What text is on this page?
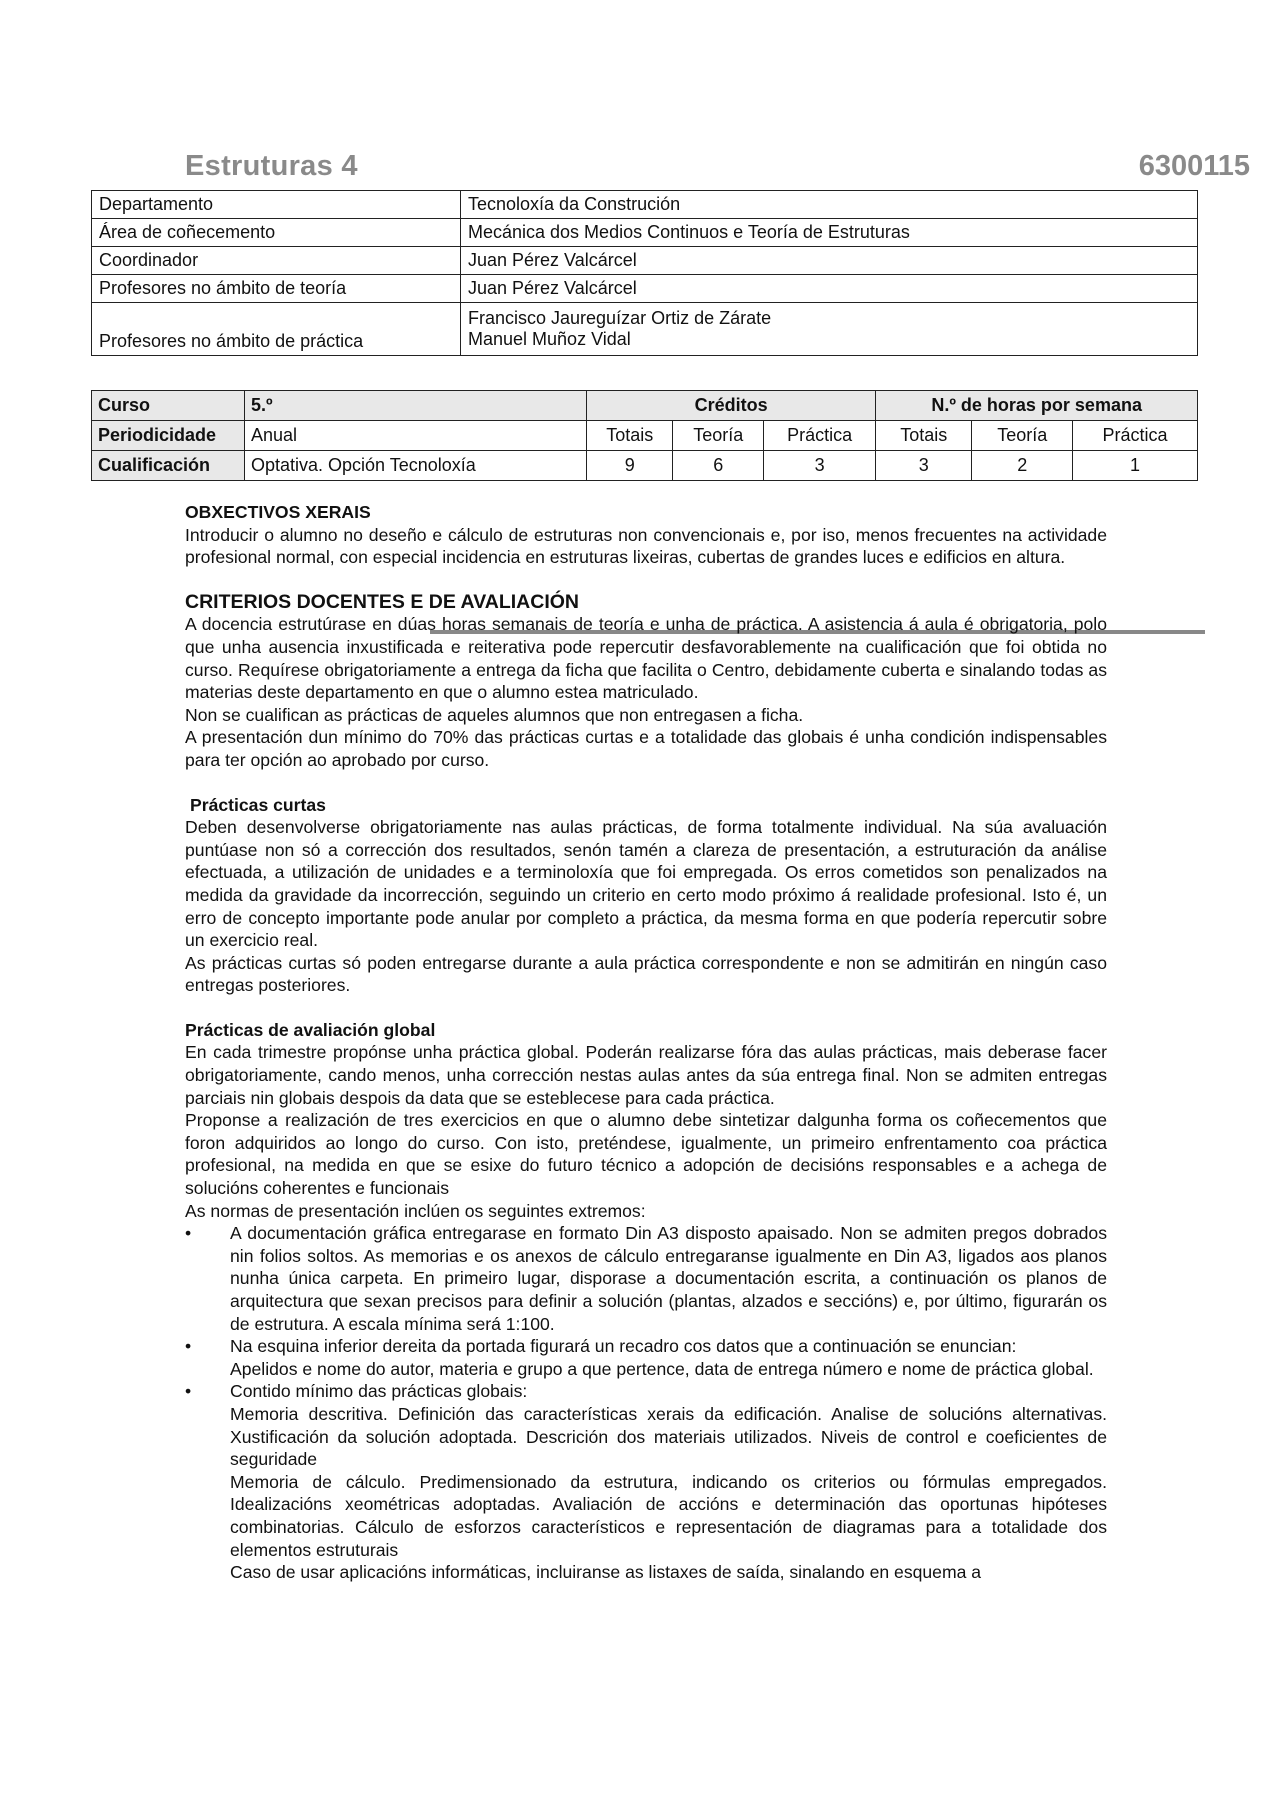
Estruturas 4	6300115
Departamento	Tecnoloxía da Construción
Área de coñecemento	Mecánica dos Medios Continuos e Teoría de Estruturas
Coordinador	Juan Pérez Valcárcel
Profesores no ámbito de teoría	Juan Pérez Valcárcel
Profesores no ámbito de práctica	Francisco Jaureguízar Ortiz de Zárate
Manuel Muñoz Vidal
Curso	5.º	Créditos			N.º de horas por semana		
Periodicidade	Anual	Totais	Teoría	Práctica	Totais	Teoría	Práctica
Cualificación	Optativa. Opción Tecnoloxía	9	6	3	3	2	1
OBXECTIVOS XERAIS

Introducir o alumno no deseño e cálculo de estruturas non convencionais e, por iso, menos frecuentes na actividade profesional normal, con especial incidencia en estruturas lixeiras, cubertas de grandes luces e edificios en altura.

CRITERIOS DOCENTES E DE AVALIACIÓN

A docencia estrutúrase en dúas horas semanais de teoría e unha de práctica. A asistencia á aula é obrigatoria, polo que unha ausencia inxustificada e reiterativa pode repercutir desfavorablemente na cualificación que foi obtida no curso. Requírese obrigatoriamente a entrega da ficha que facilita o Centro, debidamente cuberta e sinalando todas as materias deste departamento en que o alumno estea matriculado.

Non se cualifican as prácticas de aqueles alumnos que non entregasen a ficha.

A presentación dun mínimo do 70% das prácticas curtas e a totalidade das globais é unha condición indispensables para ter opción ao aprobado por curso.

Prácticas curtas

Deben desenvolverse obrigatoriamente nas aulas prácticas, de forma totalmente individual. Na súa avaluación puntúase non só a corrección dos resultados, senón tamén a clareza de presentación, a estruturación da análise efectuada, a utilización de unidades e a terminoloxía que foi empregada. Os erros cometidos son penalizados na medida da gravidade da incorrección, seguindo un criterio en certo modo próximo á realidade profesional. Isto é, un erro de concepto importante pode anular por completo a práctica, da mesma forma en que podería repercutir sobre un exercicio real.

As prácticas curtas só poden entregarse durante a aula práctica correspondente e non se admitirán en ningún caso entregas posteriores.

Prácticas de avaliación global

En cada trimestre propónse unha práctica global. Poderán realizarse fóra das aulas prácticas, mais deberase facer obrigatoriamente, cando menos, unha corrección nestas aulas antes da súa entrega final. Non se admiten entregas parciais nin globais despois da data que se esteblecese para cada práctica.

Proponse a realización de tres exercicios en que o alumno debe sintetizar dalgunha forma os coñecementos que foron adquiridos ao longo do curso. Con isto, preténdese, igualmente, un primeiro enfrentamento coa práctica profesional, na medida en que se esixe do futuro técnico a adopción de decisións responsables e a achega de solucións coherentes e funcionais

As normas de presentación inclúen os seguintes extremos:

• A documentación gráfica entregarase en formato Din A3 disposto apaisado. Non se admiten pregos dobrados nin folios soltos. As memorias e os anexos de cálculo entregaranse igualmente en Din A3, ligados aos planos nunha única carpeta. En primeiro lugar, disporase a documentación escrita, a continuación os planos de arquitectura que sexan precisos para definir a solución (plantas, alzados e seccións) e, por último, figurarán os de estrutura. A escala mínima será 1:100.

• Na esquina inferior dereita da portada figurará un recadro cos datos que a continuación se enuncian:

Apelidos e nome do autor, materia e grupo a que pertence, data de entrega número e nome de práctica global.

• Contido mínimo das prácticas globais:

Memoria descritiva. Definición das características xerais da edificación. Analise de solucións alternativas. Xustificación da solución adoptada. Descrición dos materiais utilizados. Niveis de control e coeficientes de seguridade

Memoria de cálculo. Predimensionado da estrutura, indicando os criterios ou fórmulas empregados. Idealizacións xeométricas adoptadas. Avaliación de accións e determinación das oportunas hipóteses combinatorias. Cálculo de esforzos característicos e representación de diagramas para a totalidade dos elementos estruturais

Caso de usar aplicacións informáticas, incluiranse as listaxes de saída, sinalando en esquema a
